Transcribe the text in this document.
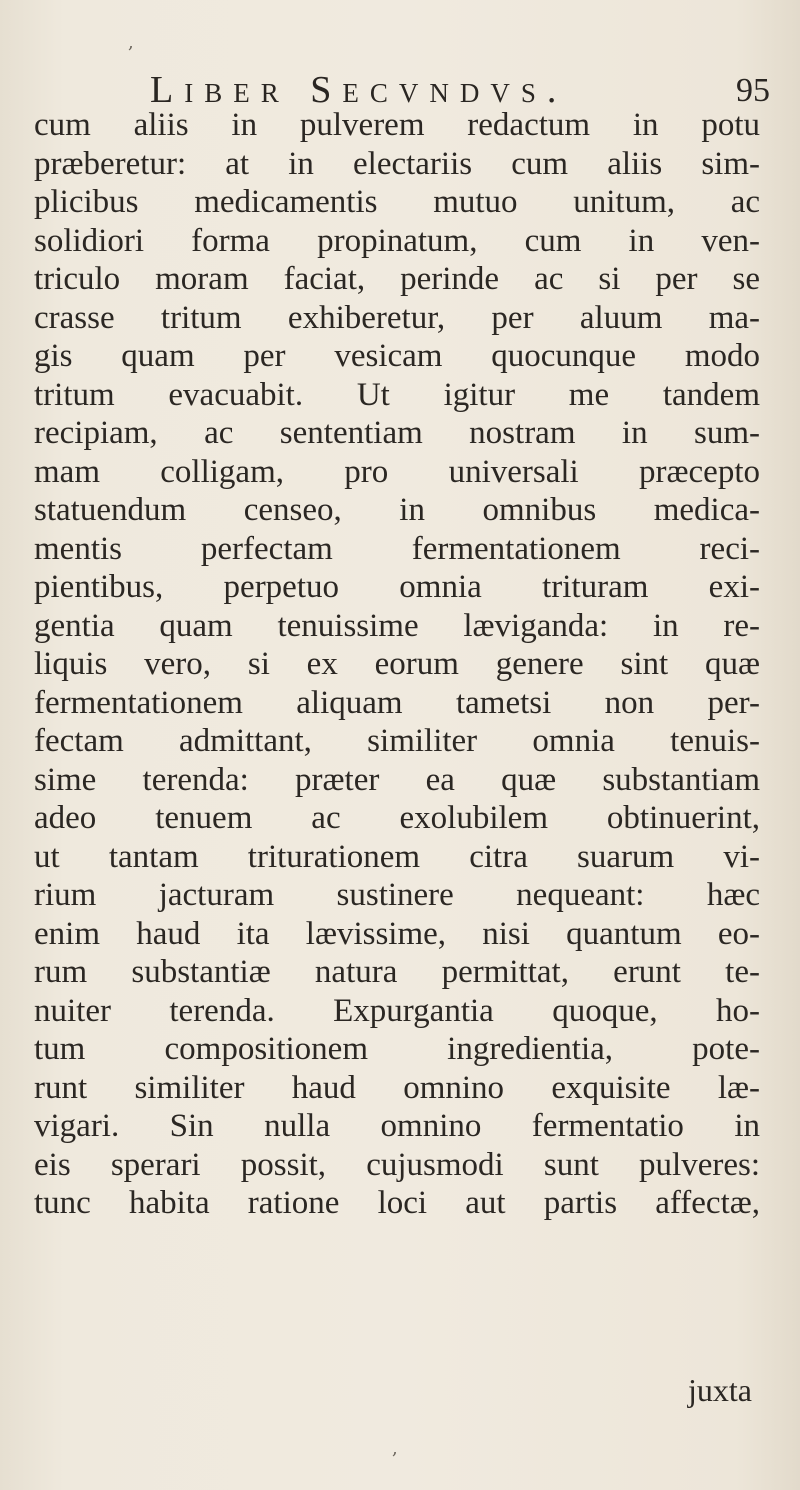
,
,
Liber Secvndvs.	95
cum aliis in pulverem redactum in potu
præberetur: at in electariis cum aliis sim-
plicibus medicamentis mutuo unitum, ac
solidiori forma propinatum, cum in ven-
triculo moram faciat, perinde ac si per se
crasse tritum exhiberetur, per aluum ma-
gis quam per vesicam quocunque modo
tritum evacuabit. Ut igitur me tandem
recipiam, ac sententiam nostram in sum-
mam colligam, pro universali præcepto
statuendum censeo, in omnibus medica-
mentis perfectam fermentationem reci-
pientibus, perpetuo omnia trituram exi-
gentia quam tenuissime lævigandа: in re-
liquis vero, si ex eorum genere sint quæ
fermentationem aliquam tametsi non per-
fectam admittant, similiter omnia tenuis-
sime terenda: præter ea quæ substantiam
adeo tenuem ac exolubilem obtinuerint,
ut tantam triturationem citra suarum vi-
rium jacturam sustinere nequeant: hæc
enim haud ita lævissime, nisi quantum eo-
rum substantiæ natura permittat, erunt te-
nuiter terenda. Expurgantia quoque, ho-
tum compositionem ingredientia, pote-
runt similiter haud omnino exquisite læ-
vigari. Sin nulla omnino fermentatio in
eis sperari possit, cujusmodi sunt pulveres:
tunc habita ratione loci aut partis affectæ,
juxta
